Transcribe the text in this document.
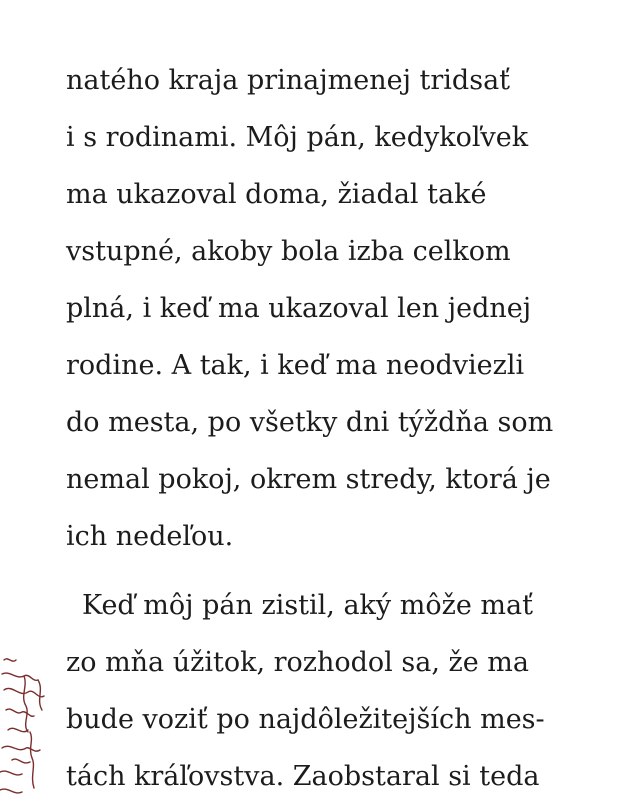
natého kraja prinajmenej tridsať
i s rodinami. Môj pán, kedykoľvek
ma ukazoval doma, žiadal také
vstupné, akoby bola izba celkom
plná, i keď ma ukazoval len jednej
rodine. A tak, i keď ma neodviezli
do mesta, po všetky dni týždňa som
nemal pokoj, okrem stredy, ktorá je
ich nedeľou.
Keď môj pán zistil, aký môže mať
zo mňa úžitok, rozhodol sa, že ma
bude voziť po najdôležitejších mes-
tách kráľovstva. Zaobstaral si teda
